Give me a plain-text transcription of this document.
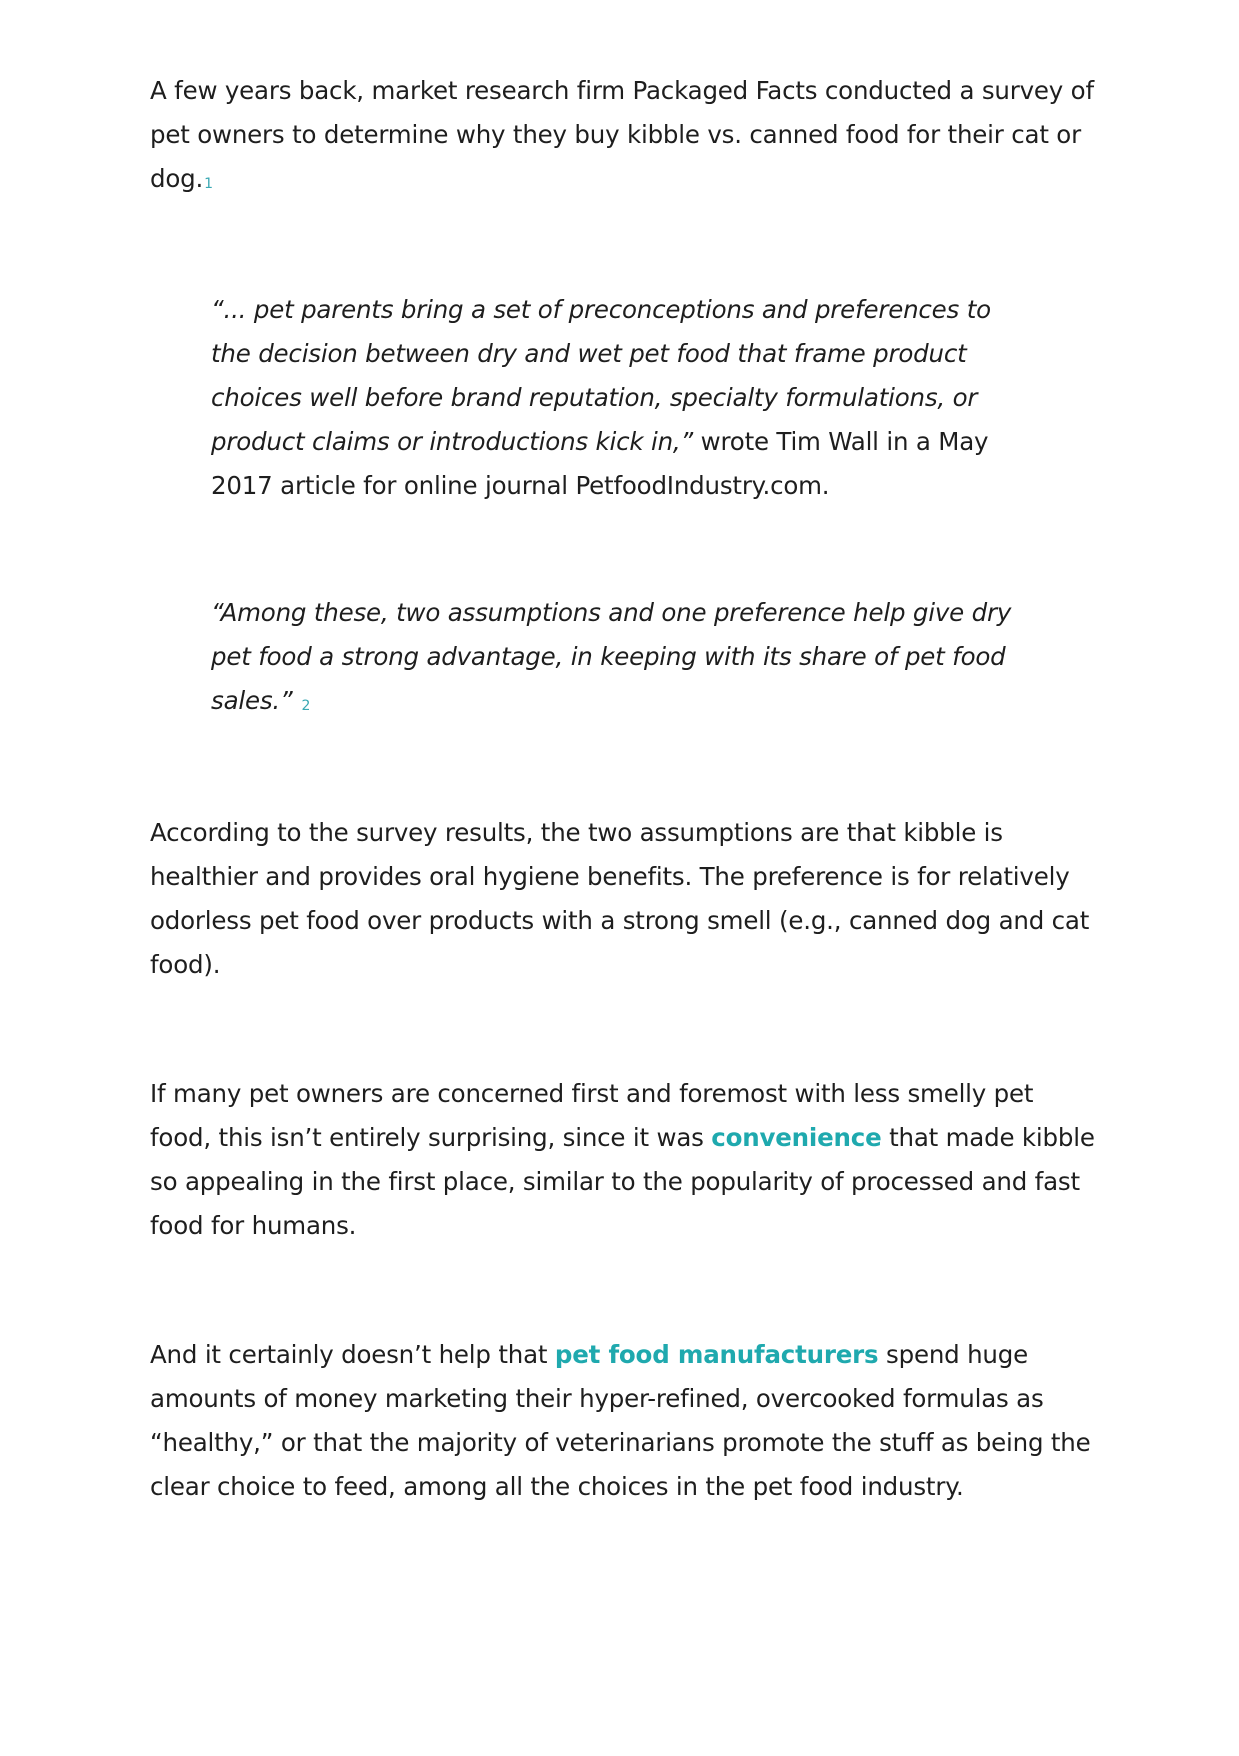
A few years back, market research firm Packaged Facts conducted a survey of pet owners to determine why they buy kibble vs. canned food for their cat or dog.1

“... pet parents bring a set of preconceptions and preferences to the decision between dry and wet pet food that frame product choices well before brand reputation, specialty formulations, or product claims or introductions kick in,” wrote Tim Wall in a May 2017 article for online journal PetfoodIndustry.com.

“Among these, two assumptions and one preference help give dry pet food a strong advantage, in keeping with its share of pet food sales.” 2

According to the survey results, the two assumptions are that kibble is healthier and provides oral hygiene benefits. The preference is for relatively odorless pet food over products with a strong smell (e.g., canned dog and cat food).

If many pet owners are concerned first and foremost with less smelly pet food, this isn’t entirely surprising, since it was convenience that made kibble so appealing in the first place, similar to the popularity of processed and fast food for humans.

And it certainly doesn’t help that pet food manufacturers spend huge amounts of money marketing their hyper-refined, overcooked formulas as “healthy,” or that the majority of veterinarians promote the stuff as being the clear choice to feed, among all the choices in the pet food industry.
